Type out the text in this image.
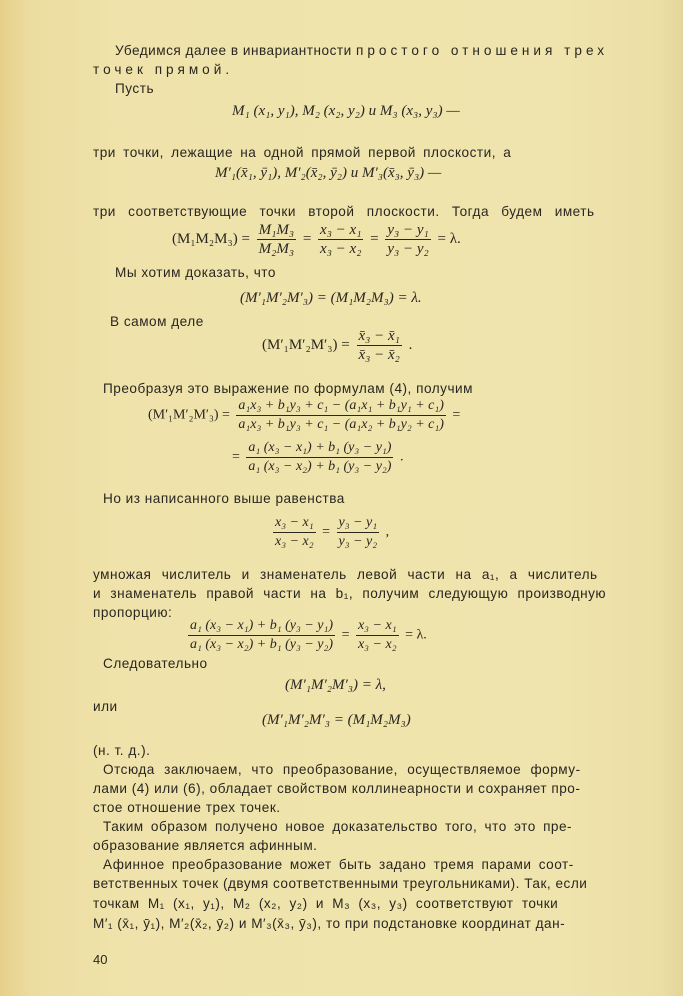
Убедимся далее в инвариантности простого отношения трех
точек прямой.
Пусть
M₁ (x₁, y₁), M₂ (x₂, y₂) и M₃ (x₃, y₃) —
три точки, лежащие на одной прямой первой плоскости, а
M′₁(x̄₁, ȳ₁), M′₂(x̄₂, ȳ₂) и M′₃(x̄₃, ȳ₃) —
три соответствующие точки второй плоскости. Тогда будем иметь
$(M_1M_2M_3) = \frac{\text{M₁M₃}}{\text{M₂M₃}} = \frac{\text{x₃ − x₁}}{\text{x₃ − x₂}} = \frac{\text{y₃ − y₁}}{\text{y₃ − y₂}} = \lambda$.
Мы хотим доказать, что
(M′₁M′₂M′₃) = (M₁M₂M₃) = λ.
В самом деле
$(M'_1M'_2M'_3) = \frac{\text{x̄₃ − x̄₁}}{\text{x̄₃ − x̄₂}}$ .
Преобразуя это выражение по формулам (4), получим
$(M'_1M'_2M'_3) = \frac{\text{a₁x₃ + b₁y₃ + c₁ − (a₁x₁ + b₁y₁ + c₁)}}{\text{a₁x₃ + b₁y₃ + c₁ − (a₁x₂ + b₁y₂ + c₁)}}$ =
= $\frac{\text{a₁ (x₃ − x₁) + b₁ (y₃ − y₁)}}{\text{a₁ (x₃ − x₂) + b₁ (y₃ − y₂)}}$ .
Но из написанного выше равенства
$\frac{\text{x₃ − x₁}}{\text{x₃ − x₂}} = \frac{\text{y₃ − y₁}}{\text{y₃ − y₂}}$ ,
умножая числитель и знаменатель левой части на a₁, а числитель
и знаменатель правой части на b₁, получим следующую производную
пропорцию:
$\frac{\text{a₁ (x₃ − x₁) + b₁ (y₃ − y₁)}}{\text{a₁ (x₃ − x₂) + b₁ (y₃ − y₂)}} = \frac{\text{x₃ − x₁}}{\text{x₃ − x₂}} = \lambda$.
Следовательно
(M′₁M′₂M′₃) = λ,
или
(M′₁M′₂M′₃ = (M₁M₂M₃)
(н. т. д.).
Отсюда заключаем, что преобразование, осуществляемое форму-
лами (4) или (6), обладает свойством коллинеарности и сохраняет про-
стое отношение трех точек.
Таким образом получено новое доказательство того, что это пре-
образование является афинным.
Афинное преобразование может быть задано тремя парами соот-
ветственных точек (двумя соответственными треугольниками). Так, если
точкам M₁ (x₁, y₁), M₂ (x₂, y₂) и M₃ (x₃, y₃) соответствуют точки
M′₁ (x̄₁, ȳ₁), M′₂(x̄₂, ȳ₂) и M′₃(x̄₃, ȳ₃), то при подстановке координат дан-
40
